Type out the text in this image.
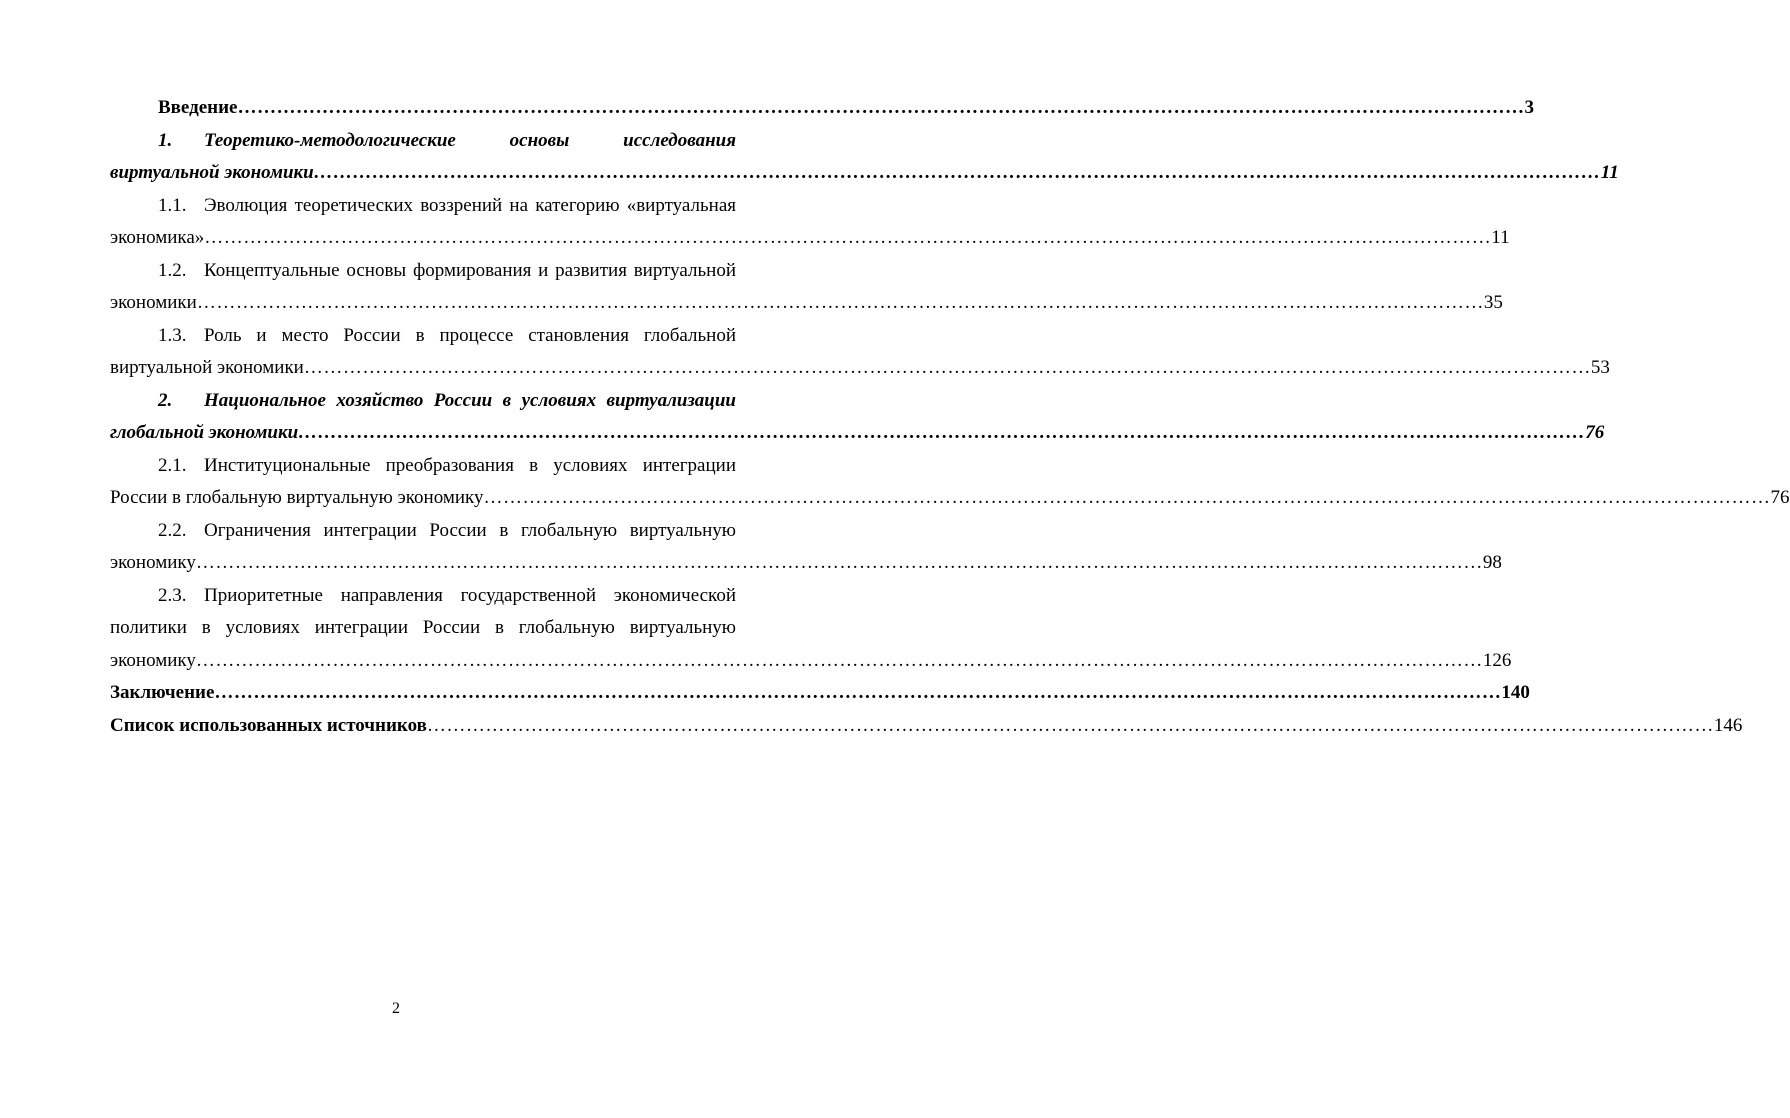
Введение ……………………………………………………………………………………………………………………………………………………………………………… 3
1. Теоретико-методологические основы исследования
виртуальной экономики ……………………………………………………………………………………………………………………………………………………………………………… 11
1.1. Эволюция теоретических воззрений на категорию «виртуальная
экономика» ……………………………………………………………………………………………………………………………………………………………………………… 11
1.2. Концептуальные основы формирования и развития виртуальной
экономики ……………………………………………………………………………………………………………………………………………………………………………… 35
1.3. Роль и место России в процессе становления глобальной
виртуальной экономики ……………………………………………………………………………………………………………………………………………………………………………… 53
2. Национальное хозяйство России в условиях виртуализации
глобальной экономики ……………………………………………………………………………………………………………………………………………………………………………… 76
2.1. Институциональные преобразования в условиях интеграции
России в глобальную виртуальную экономику ……………………………………………………………………………………………………………………………………………………………………………… 76
2.2. Ограничения интеграции России в глобальную виртуальную
экономику ……………………………………………………………………………………………………………………………………………………………………………… 98
2.3. Приоритетные направления государственной экономической
политики в условиях интеграции России в глобальную виртуальную
экономику ……………………………………………………………………………………………………………………………………………………………………………… 126
Заключение ……………………………………………………………………………………………………………………………………………………………………………… 140
Список использованных источников ……………………………………………………………………………………………………………………………………………………………………………… 146
2
